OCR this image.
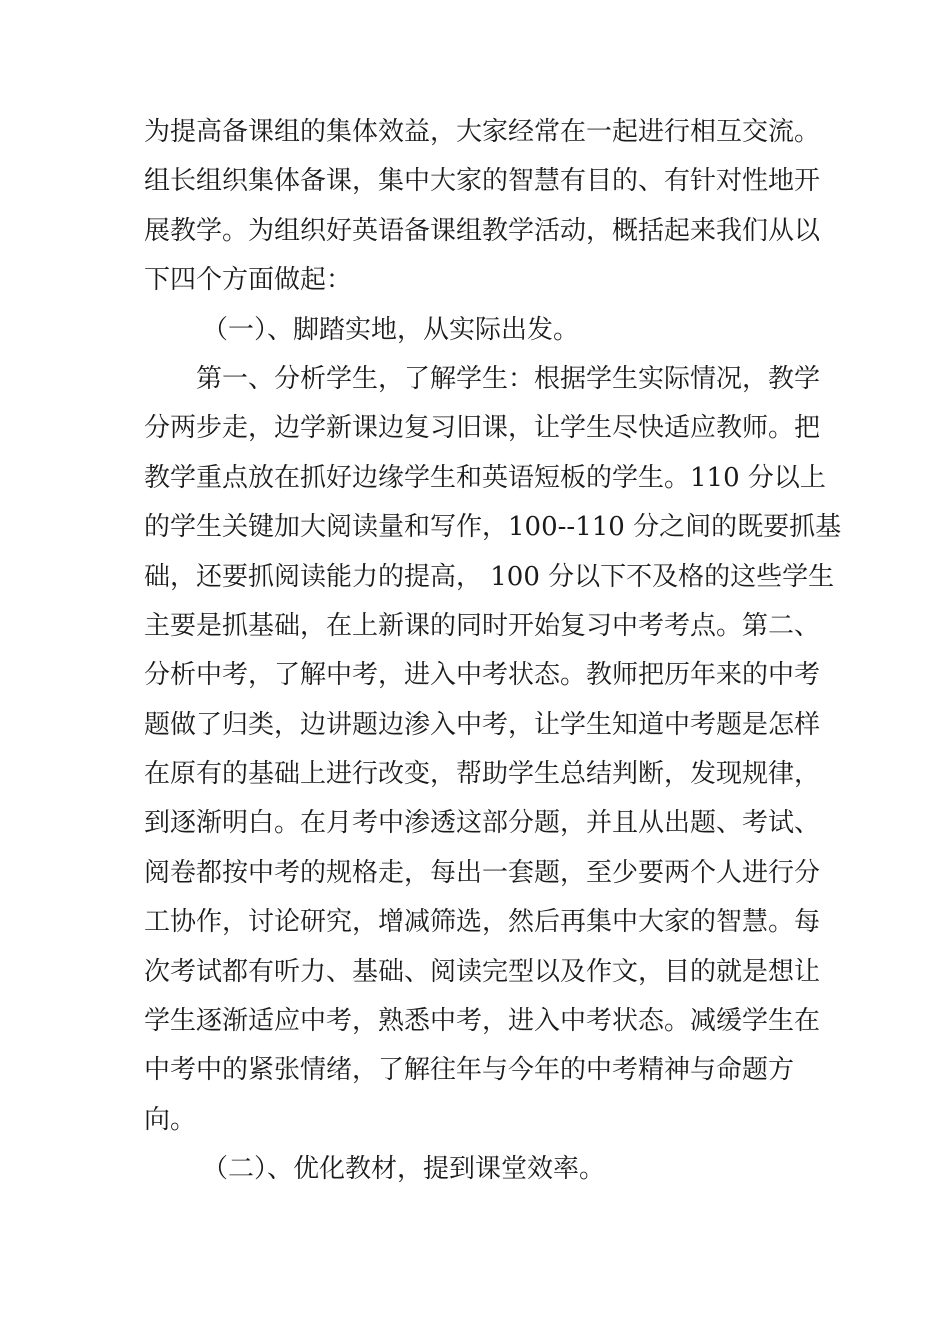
为提高备课组的集体效益，大家经常在一起进行相互交流。
组长组织集体备课，集中大家的智慧有目的、有针对性地开
展教学。为组织好英语备课组教学活动，概括起来我们从以
下四个方面做起：
（一）、脚踏实地，从实际出发。
第一、分析学生，了解学生：根据学生实际情况，教学
分两步走，边学新课边复习旧课，让学生尽快适应教师。把
教学重点放在抓好边缘学生和英语短板的学生。110 分以上
的学生关键加大阅读量和写作，100--110 分之间的既要抓基
础，还要抓阅读能力的提高， 100 分以下不及格的这些学生
主要是抓基础，在上新课的同时开始复习中考考点。第二、
分析中考，了解中考，进入中考状态。教师把历年来的中考
题做了归类，边讲题边渗入中考，让学生知道中考题是怎样
在原有的基础上进行改变，帮助学生总结判断，发现规律，
到逐渐明白。在月考中渗透这部分题，并且从出题、考试、
阅卷都按中考的规格走，每出一套题，至少要两个人进行分
工协作，讨论研究，增减筛选，然后再集中大家的智慧。每
次考试都有听力、基础、阅读完型以及作文，目的就是想让
学生逐渐适应中考，熟悉中考，进入中考状态。减缓学生在
中考中的紧张情绪，了解往年与今年的中考精神与命题方
向。
（二）、优化教材，提到课堂效率。
